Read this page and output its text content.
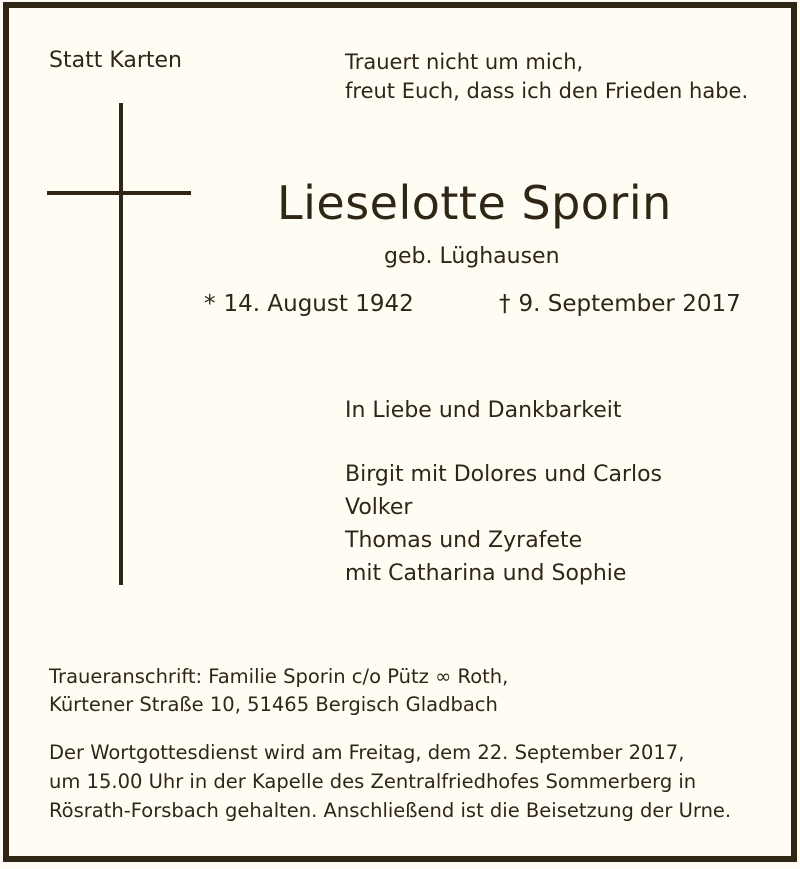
Statt Karten	Trauert nicht um mich,
freut Euch, dass ich den Frieden habe.
Lieselotte Sporin
geb. Lüghausen
* 14. August 1942	† 9. September 2017
In Liebe und Dankbarkeit
Birgit mit Dolores und Carlos
Volker
Thomas und Zyrafete
mit Catharina und Sophie
Traueranschrift: Familie Sporin c/o Pütz ∞ Roth,
Kürtener Straße 10, 51465 Bergisch Gladbach
Der Wortgottesdienst wird am Freitag, dem 22. September 2017,
um 15.00 Uhr in der Kapelle des Zentralfriedhofes Sommerberg in
Rösrath-Forsbach gehalten. Anschließend ist die Beisetzung der Urne.
